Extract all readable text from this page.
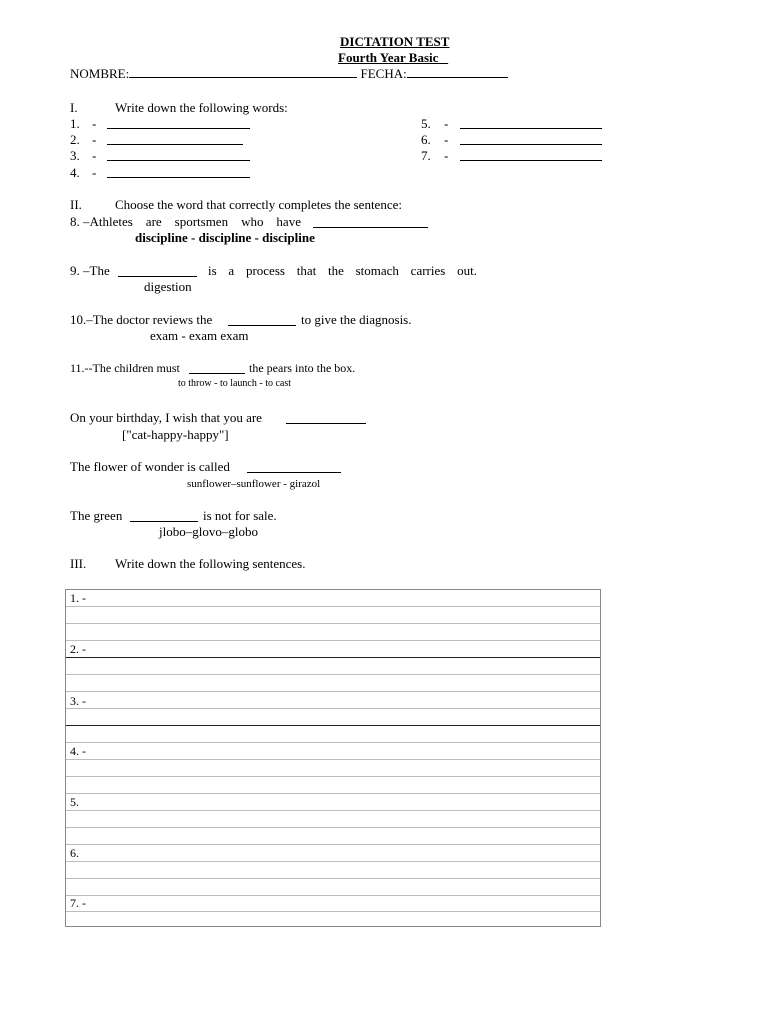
DICTATION TEST
Fourth Year Basic
NOMBRE:	FECHA:
I.	Write down the following words:
1. -
2. -
3. -
4. -
5. -
6. -
7. -
II.	Choose the word that correctly completes the sentence:
8. –Athletes are sportsmen who have
discipline - discipline - discipline
9. –The	is a process that the stomach carries out.
digestion
10.–The doctor reviews the	to give the diagnosis.
exam - exam exam
11.--The children must	the pears into the box.
to throw - to launch - to cast
On your birthday, I wish that you are
["cat-happy-happy"]
The flower of wonder is called
sunflower–sunflower - girazol
The green	is not for sale.
jlobo–glovo–globo
III. Write down the following sentences.
1. -
2. -
3. -
4. -
5.
6.
7. -
